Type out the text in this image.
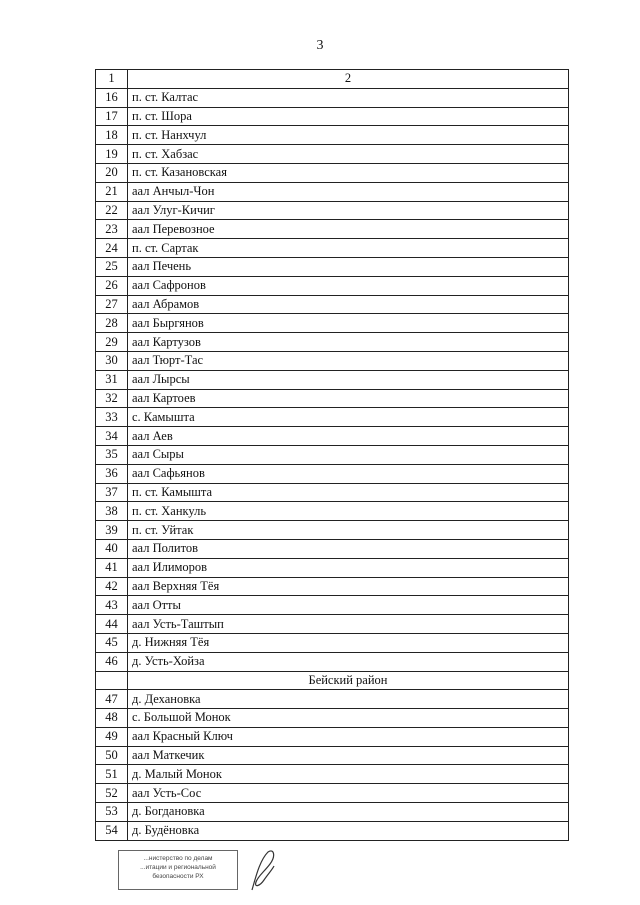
3
1	2
16	п. ст. Калтас
17	п. ст. Шора
18	п. ст. Нанхчул
19	п. ст. Хабзас
20	п. ст. Казановская
21	аал Анчыл-Чон
22	аал Улуг-Кичиг
23	аал Перевозное
24	п. ст. Сартак
25	аал Печень
26	аал Сафронов
27	аал Абрамов
28	аал Быргянов
29	аал Картузов
30	аал Тюрт-Тас
31	аал Лырсы
32	аал Картоев
33	с. Камышта
34	аал Аев
35	аал Сыры
36	аал Сафьянов
37	п. ст. Камышта
38	п. ст. Ханкуль
39	п. ст. Уйтак
40	аал Политов
41	аал Илиморов
42	аал Верхняя Тёя
43	аал Отты
44	аал Усть-Таштып
45	д. Нижняя Тёя
46	д. Усть-Хойза
	Бейский район
47	д. Дехановка
48	с. Большой Монок
49	аал Красный Ключ
50	аал Маткечик
51	д. Малый Монок
52	аал Усть-Сос
53	д. Богдановка
54	д. Будёновка
...нистерство по делам
...итации и региональной
безопасности РХ
